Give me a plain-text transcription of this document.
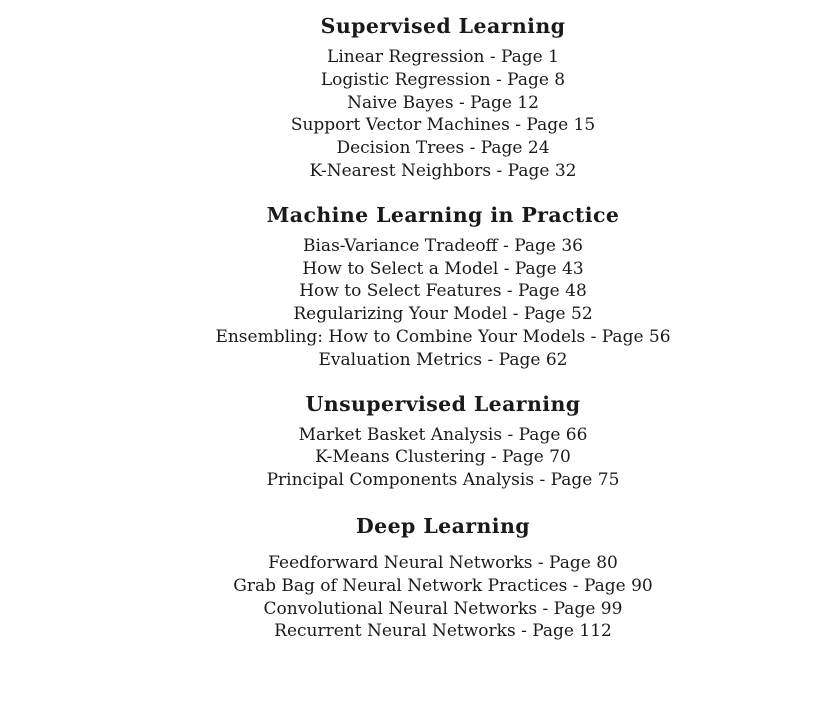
Supervised Learning
Linear Regression - Page 1
Logistic Regression - Page 8
Naive Bayes - Page 12
Support Vector Machines - Page 15
Decision Trees - Page 24
K-Nearest Neighbors - Page 32
Machine Learning in Practice
Bias-Variance Tradeoff - Page 36
How to Select a Model - Page 43
How to Select Features - Page 48
Regularizing Your Model - Page 52
Ensembling: How to Combine Your Models - Page 56
Evaluation Metrics - Page 62
Unsupervised Learning
Market Basket Analysis - Page 66
K-Means Clustering - Page 70
Principal Components Analysis - Page 75
Deep Learning
Feedforward Neural Networks - Page 80
Grab Bag of Neural Network Practices - Page 90
Convolutional Neural Networks - Page 99
Recurrent Neural Networks - Page 112
